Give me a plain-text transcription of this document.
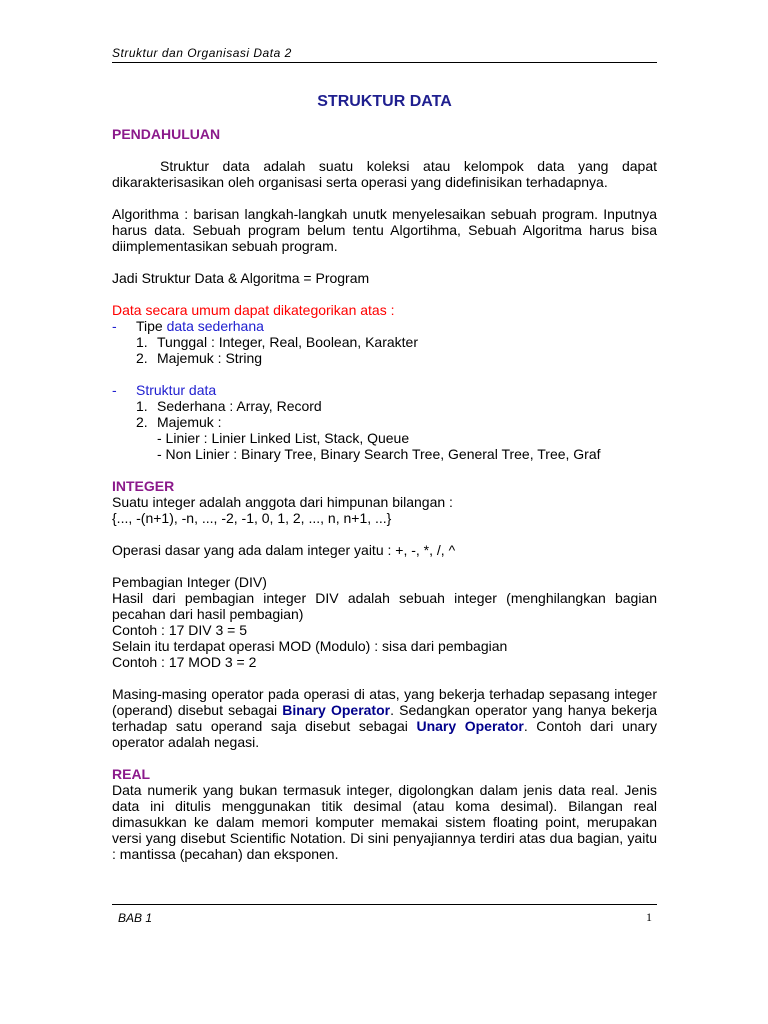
Struktur dan Organisasi Data 2

STRUKTUR DATA

PENDAHULUAN

Struktur data adalah suatu koleksi atau kelompok data yang dapat dikarakterisasikan oleh organisasi serta operasi yang didefinisikan terhadapnya.

Algorithma : barisan langkah-langkah unutk menyelesaikan sebuah program. Inputnya harus data. Sebuah program belum tentu Algortihma, Sebuah Algoritma harus bisa diimplementasikan sebuah program.

Jadi Struktur Data & Algoritma = Program

Data secara umum dapat dikategorikan atas :

-	Tipe data sederhana
1. Tunggal : Integer, Real, Boolean, Karakter
2. Majemuk : String
-	Struktur data
1. Sederhana : Array, Record
2. Majemuk :
- Linier : Linier Linked List, Stack, Queue
- Non Linier : Binary Tree, Binary Search Tree, General Tree, Tree, Graf

INTEGER

Suatu integer adalah anggota dari himpunan bilangan :

{..., -(n+1), -n, ..., -2, -1, 0, 1, 2, ..., n, n+1, ...}

Operasi dasar yang ada dalam integer yaitu : +, -, *, /, ^

Pembagian Integer (DIV)

Hasil dari pembagian integer DIV adalah sebuah integer (menghilangkan bagian pecahan dari hasil pembagian)

Contoh : 17 DIV 3 = 5

Selain itu terdapat operasi MOD (Modulo) : sisa dari pembagian

Contoh : 17 MOD 3 = 2

Masing-masing operator pada operasi di atas, yang bekerja terhadap sepasang integer (operand) disebut sebagai Binary Operator. Sedangkan operator yang hanya bekerja terhadap satu operand saja disebut sebagai Unary Operator. Contoh dari unary operator adalah negasi.

REAL

Data numerik yang bukan termasuk integer, digolongkan dalam jenis data real. Jenis data ini ditulis menggunakan titik desimal (atau koma desimal). Bilangan real dimasukkan ke dalam memori komputer memakai sistem floating point, merupakan versi yang disebut Scientific Notation. Di sini penyajiannya terdiri atas dua bagian, yaitu : mantissa (pecahan) dan eksponen.

BAB 1	1
